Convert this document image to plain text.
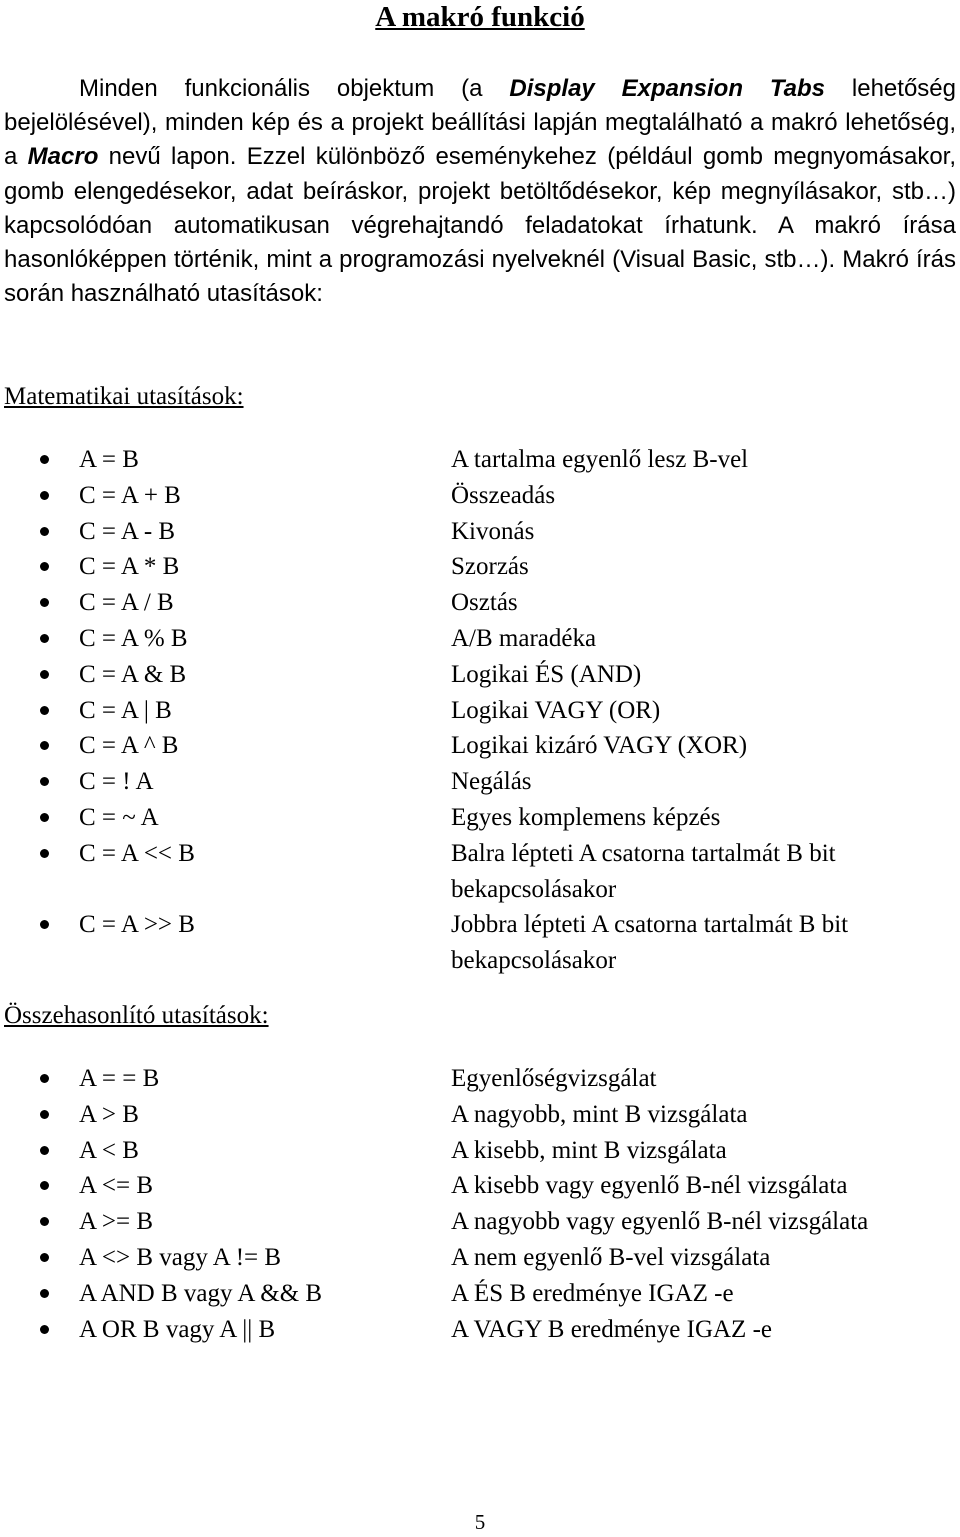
A makró funkció
Minden funkcionális objektum (a Display Expansion Tabs lehetőség bejelölésével), minden kép és a projekt beállítási lapján megtalálható a makró lehetőség, a Macro nevű lapon. Ezzel különböző eseménykehez (például gomb megnyomásakor, gomb elengedésekor, adat beíráskor, projekt betöltődésekor, kép megnyílásakor, stb…) kapcsolódóan automatikusan végrehajtandó feladatokat írhatunk. A makró írása hasonlóképpen történik, mint a programozási nyelveknél (Visual Basic, stb…). Makró írás során használható utasítások:
Matematikai utasítások:
A = B	A tartalma egyenlő lesz B-vel
C = A + B	Összeadás
C = A - B	Kivonás
C = A * B	Szorzás
C = A / B	Osztás
C = A % B	A/B maradéka
C = A & B	Logikai ÉS (AND)
C = A | B	Logikai VAGY (OR)
C = A ^ B	Logikai kizáró VAGY (XOR)
C = ! A	Negálás
C = ~ A	Egyes komplemens képzés
C = A << B	Balra lépteti A csatorna tartalmát B bit bekapcsolásakor
C = A >> B	Jobbra lépteti A csatorna tartalmát B bit bekapcsolásakor
Összehasonlító utasítások:
A = = B	Egyenlőségvizsgálat
A > B	A nagyobb, mint B vizsgálata
A < B	A kisebb, mint B vizsgálata
A <= B	A kisebb vagy egyenlő B-nél vizsgálata
A >= B	A nagyobb vagy egyenlő B-nél vizsgálata
A <> B vagy A != B	A nem egyenlő B-vel vizsgálata
A AND B vagy A && B	A ÉS B eredménye IGAZ -e
A OR B vagy A || B	A VAGY B eredménye IGAZ -e
5
